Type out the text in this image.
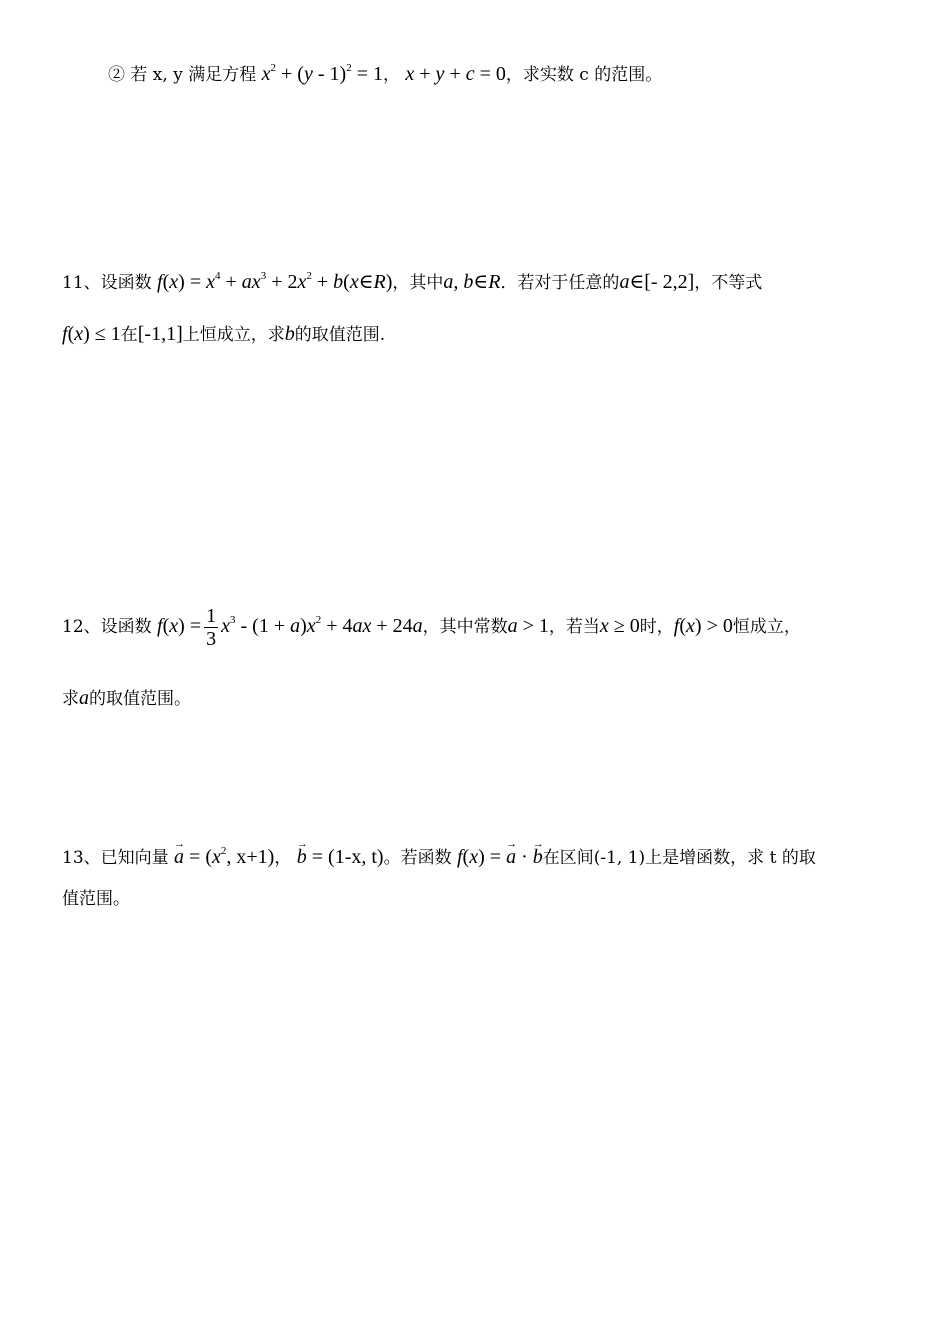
② 若 x, y 满足方程 $x^2 + (y - 1)^2 = 1$， x + y + c = 0，求实数 c 的范围。
11、设函数 $f(x) = x^4 + ax^3 + 2x^2$ + b(x∈R)，其中a, b∈R．若对于任意的a∈[- 2,2]，不等式
f(x) ≤ 1在[-1,1]上恒成立，求b的取值范围.
12、设函数 $f(x) = \frac{1}{3} x^3 - (1 + a)x^2 + 4ax + 24a$，其中常数a > 1，若当x ≥ 0时，f(x) > 0恒成立，
求a的取值范围。
13、已知向量 → $a = (x^2$, x+1)， → b = (1-x, t)。若函数 f(x) = → a · → b在区间(-1, 1)上是增函数，求 t 的取
值范围。
